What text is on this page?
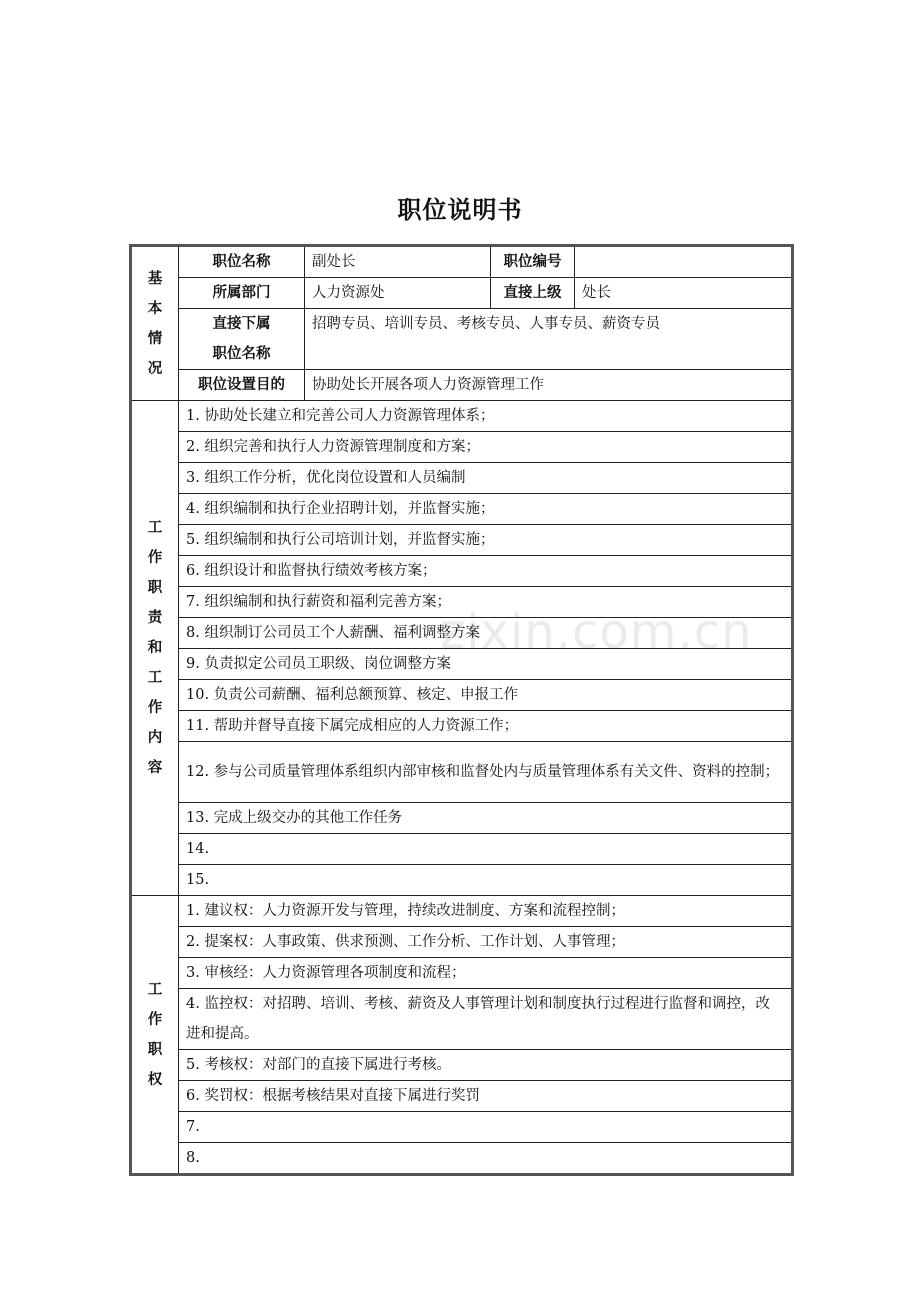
职位说明书
zixin.com.cn
基本情况	职位名称	副处长	职位编号	
	所属部门	人力资源处	直接上级	处长

	直接下属
职位名称	招聘专员、培训专员、考核专员、人事专员、薪资专员		
	职位设置目的	协助处长开展各项人力资源管理工作		

工作职责和工作内容	1. 协助处长建立和完善公司人力资源管理体系；			
	2. 组织完善和执行人力资源管理制度和方案；			
	3. 组织工作分析，优化岗位设置和人员编制			
	4. 组织编制和执行企业招聘计划，并监督实施；			
	5. 组织编制和执行公司培训计划，并监督实施；			
	6. 组织设计和监督执行绩效考核方案；			
	7. 组织编制和执行薪资和福利完善方案；			
	8. 组织制订公司员工个人薪酬、福利调整方案			
	9. 负责拟定公司员工职级、岗位调整方案			
	10. 负责公司薪酬、福利总额预算、核定、申报工作			
	11. 帮助并督导直接下属完成相应的人力资源工作；			
	12. 参与公司质量管理体系组织内部审核和监督处内与质量管理体系有关文件、资料的控制；			
	13. 完成上级交办的其他工作任务			
	14.			
	15.			

工作职权	1. 建议权：人力资源开发与管理，持续改进制度、方案和流程控制；			
	2. 提案权：人事政策、供求预测、工作分析、工作计划、人事管理；			
	3. 审核经：人力资源管理各项制度和流程；			
	4. 监控权：对招聘、培训、考核、薪资及人事管理计划和制度执行过程进行监督和调控，改进和提高。			
	5. 考核权：对部门的直接下属进行考核。			
	6. 奖罚权：根据考核结果对直接下属进行奖罚			
	7.			
	8.			
